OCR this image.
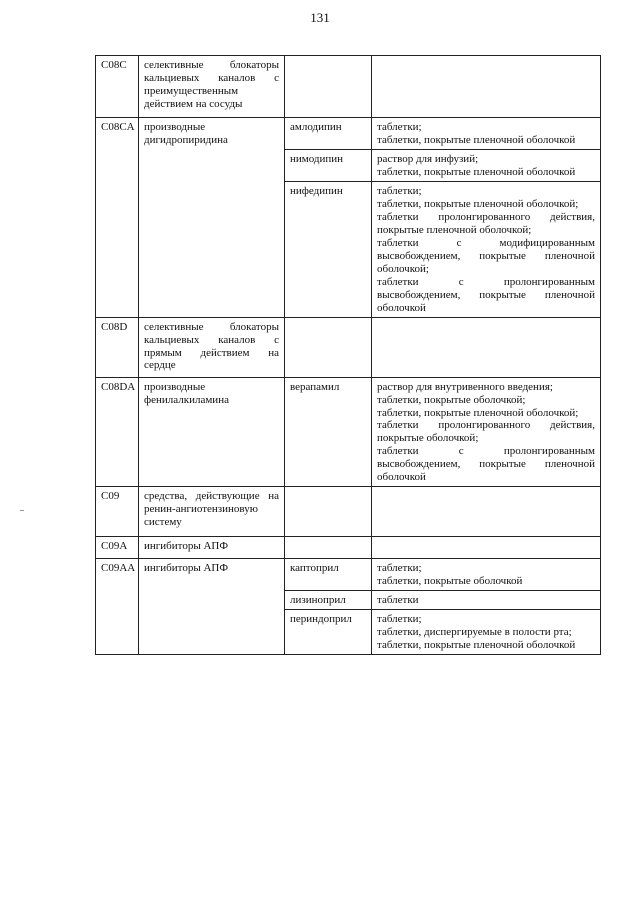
131
C08C	селективные блокаторы кальциевых каналов с преимущественным действием на сосуды		
C08CA	производные дигидропиридина	амлодипин	таблетки;
таблетки, покрытые пленочной оболочкой

		нимодипин	раствор для инфузий;
таблетки, покрытые пленочной оболочкой

		нифедипин	таблетки;
таблетки, покрытые пленочной оболочкой;
таблетки пролонгированного действия, покрытые пленочной оболочкой;
таблетки с модифицированным высвобождением, покрытые пленочной оболочкой;
таблетки с пролонгированным высвобождением, покрытые пленочной оболочкой

C08D	селективные блокаторы кальциевых каналов с прямым действием на сердце		
C08DA	производные фенилалкиламина	верапамил	раствор для внутривенного введения;
таблетки, покрытые оболочкой;
таблетки, покрытые пленочной оболочкой;
таблетки пролонгированного действия, покрытые оболочкой;
таблетки с пролонгированным высвобождением, покрытые пленочной оболочкой

C09	средства, действующие на ренин-ангиотензиновую систему		
C09A	ингибиторы АПФ		
C09AA	ингибиторы АПФ	каптоприл	таблетки;
таблетки, покрытые оболочкой

		лизиноприл	таблетки

		периндоприл	таблетки;
таблетки, диспергируемые в полости рта;
таблетки, покрытые пленочной оболочкой
